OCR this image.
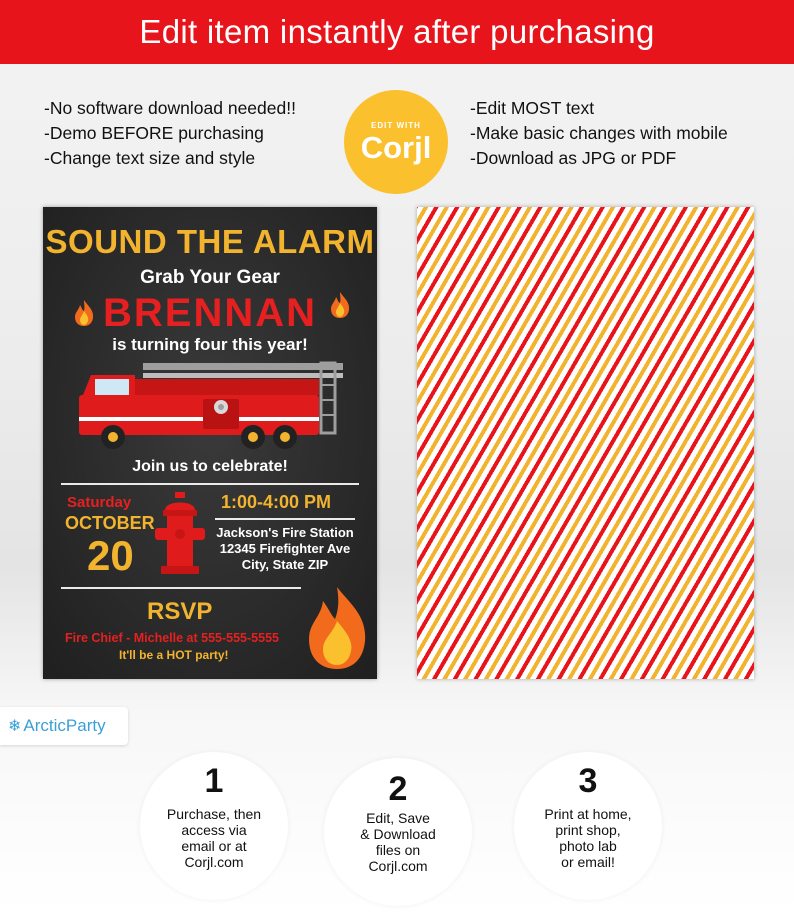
Edit item instantly after purchasing
-No software download needed!!
-Demo BEFORE purchasing
-Change text size and style
EDIT WITH
Corjl
-Edit MOST text
-Make basic changes with mobile
-Download as JPG or PDF
SOUND THE ALARM
Grab Your Gear
BRENNAN
is turning four this year!
Join us to celebrate!
Saturday
OCTOBER
20
1:00-4:00 PM
Jackson's Fire Station
12345 Firefighter Ave
City, State ZIP
RSVP
Fire Chief - Michelle at 555-555-5555
It'll be a HOT party!
❄ ArcticParty
1
Purchase, then
access via
email or at
Corjl.com
2
Edit, Save
& Download
files on
Corjl.com
3
Print at home,
print shop,
photo lab
or email!
